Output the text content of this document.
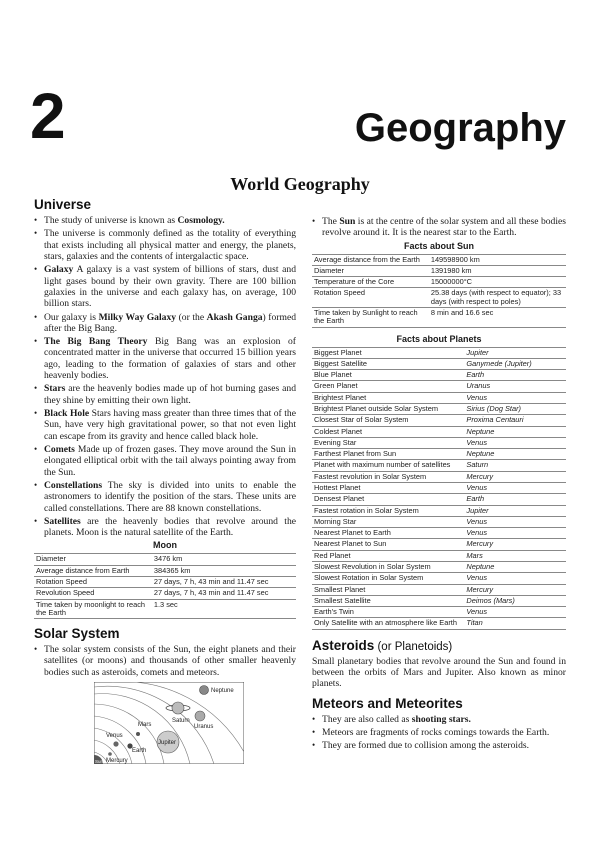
2	Geography
World Geography
Universe
• The study of universe is known as Cosmology.
• The universe is commonly defined as the totality of everything that exists including all physical matter and energy, the planets, stars, galaxies and the contents of intergalactic space.
• Galaxy A galaxy is a vast system of billions of stars, dust and light gases bound by their own gravity. There are 100 billion galaxies in the universe and each galaxy has, on average, 100 billion stars.
• Our galaxy is Milky Way Galaxy (or the Akash Ganga) formed after the Big Bang.
• The Big Bang Theory Big Bang was an explosion of concentrated matter in the universe that occurred 15 billion years ago, leading to the formation of galaxies of stars and other heavenly bodies.
• Stars are the heavenly bodies made up of hot burning gases and they shine by emitting their own light.
• Black Hole Stars having mass greater than three times that of the Sun, have very high gravitational power, so that not even light can escape from its gravity and hence called black hole.
• Comets Made up of frozen gases. They move around the Sun in elongated elliptical orbit with the tail always pointing away from the Sun.
• Constellations The sky is divided into units to enable the astronomers to identify the position of the stars. These units are called constellations. There are 88 known constellations.
• Satellites are the heavenly bodies that revolve around the planets. Moon is the natural satellite of the Earth.
Moon
Diameter	3476 km
Average distance from Earth	384365 km
Rotation Speed	27 days, 7 h, 43 min and 11.47 sec
Revolution Speed	27 days, 7 h, 43 min and 11.47 sec
Time taken by moonlight to reach the Earth	1.3 sec
Solar System
• The solar system consists of the Sun, the eight planets and their satellites (or moons) and thousands of other smaller heavenly bodies such as asteroids, comets and meteors.
Neptune
Saturn
Uranus
Mars
Venus
Jupiter
Earth
Mercury
Sun
• The Sun is at the centre of the solar system and all these bodies revolve around it. It is the nearest star to the Earth.
Facts about Sun
Average distance from the Earth	149598900 km
Diameter	1391980 km
Temperature of the Core	15000000°C
Rotation Speed	25.38 days (with respect to equator); 33 days (with respect to poles)
Time taken by Sunlight to reach the Earth	8 min and 16.6 sec
Facts about Planets
Biggest Planet	Jupiter
Biggest Satellite	Ganymede (Jupiter)
Blue Planet	Earth
Green Planet	Uranus
Brightest Planet	Venus
Brightest Planet outside Solar System	Sirius (Dog Star)
Closest Star of Solar System	Proxima Centauri
Coldest Planet	Neptune
Evening Star	Venus
Farthest Planet from Sun	Neptune
Planet with maximum number of satellites	Saturn
Fastest revolution in Solar System	Mercury
Hottest Planet	Venus
Densest Planet	Earth
Fastest rotation in Solar System	Jupiter
Morning Star	Venus
Nearest Planet to Earth	Venus
Nearest Planet to Sun	Mercury
Red Planet	Mars
Slowest Revolution in Solar System	Neptune
Slowest Rotation in Solar System	Venus
Smallest Planet	Mercury
Smallest Satellite	Deimos (Mars)
Earth's Twin	Venus
Only Satellite with an atmosphere like Earth	Titan
Asteroids (or Planetoids)

Small planetary bodies that revolve around the Sun and found in between the orbits of Mars and Jupiter. Also known as minor planets.

Meteors and Meteorites
• They are also called as shooting stars.
• Meteors are fragments of rocks comings towards the Earth.
• They are formed due to collision among the asteroids.
